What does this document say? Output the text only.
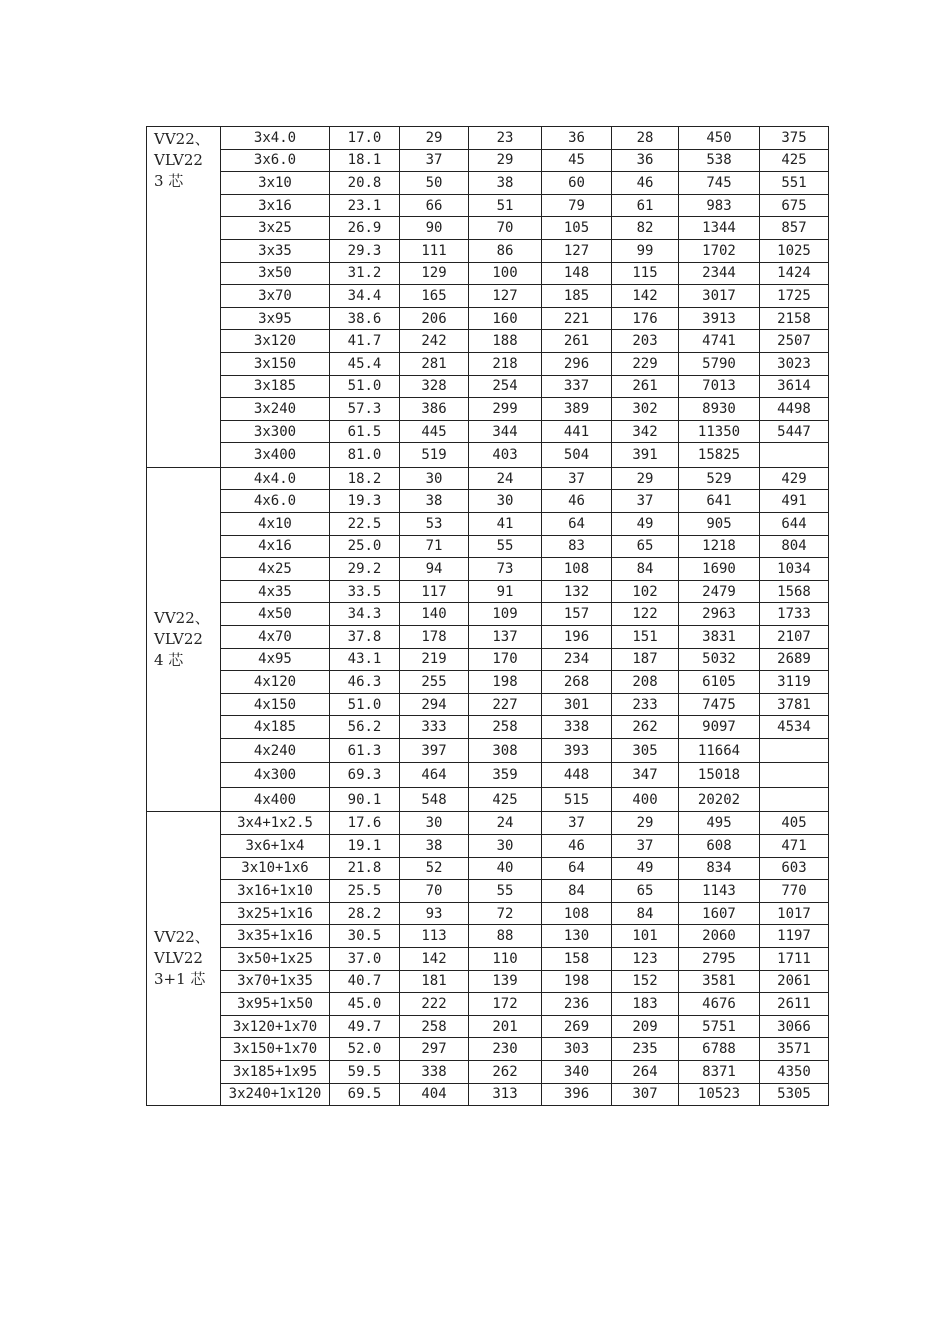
VV22、
VLV22
3 芯	3x4.0	17.0	29	23	36	28	450	375
	3x6.0	18.1	37	29	45	36	538	425
	3x10	20.8	50	38	60	46	745	551
	3x16	23.1	66	51	79	61	983	675
	3x25	26.9	90	70	105	82	1344	857
	3x35	29.3	111	86	127	99	1702	1025
	3x50	31.2	129	100	148	115	2344	1424
	3x70	34.4	165	127	185	142	3017	1725
	3x95	38.6	206	160	221	176	3913	2158
	3x120	41.7	242	188	261	203	4741	2507
	3x150	45.4	281	218	296	229	5790	3023
	3x185	51.0	328	254	337	261	7013	3614
	3x240	57.3	386	299	389	302	8930	4498
	3x300	61.5	445	344	441	342	11350	5447
	3x400	81.0	519	403	504	391	15825	

VV22、
VLV22
4 芯	4x4.0	18.2	30	24	37	29	529	429
	4x6.0	19.3	38	30	46	37	641	491
	4x10	22.5	53	41	64	49	905	644
	4x16	25.0	71	55	83	65	1218	804
	4x25	29.2	94	73	108	84	1690	1034
	4x35	33.5	117	91	132	102	2479	1568
	4x50	34.3	140	109	157	122	2963	1733
	4x70	37.8	178	137	196	151	3831	2107
	4x95	43.1	219	170	234	187	5032	2689
	4x120	46.3	255	198	268	208	6105	3119
	4x150	51.0	294	227	301	233	7475	3781
	4x185	56.2	333	258	338	262	9097	4534
	4x240	61.3	397	308	393	305	11664	
	4x300	69.3	464	359	448	347	15018	
	4x400	90.1	548	425	515	400	20202	

VV22、
VLV22
3+1 芯	3x4+1x2.5	17.6	30	24	37	29	495	405
	3x6+1x4	19.1	38	30	46	37	608	471
	3x10+1x6	21.8	52	40	64	49	834	603
	3x16+1x10	25.5	70	55	84	65	1143	770
	3x25+1x16	28.2	93	72	108	84	1607	1017
	3x35+1x16	30.5	113	88	130	101	2060	1197
	3x50+1x25	37.0	142	110	158	123	2795	1711
	3x70+1x35	40.7	181	139	198	152	3581	2061
	3x95+1x50	45.0	222	172	236	183	4676	2611
	3x120+1x70	49.7	258	201	269	209	5751	3066
	3x150+1x70	52.0	297	230	303	235	6788	3571
	3x185+1x95	59.5	338	262	340	264	8371	4350
	3x240+1x120	69.5	404	313	396	307	10523	5305
